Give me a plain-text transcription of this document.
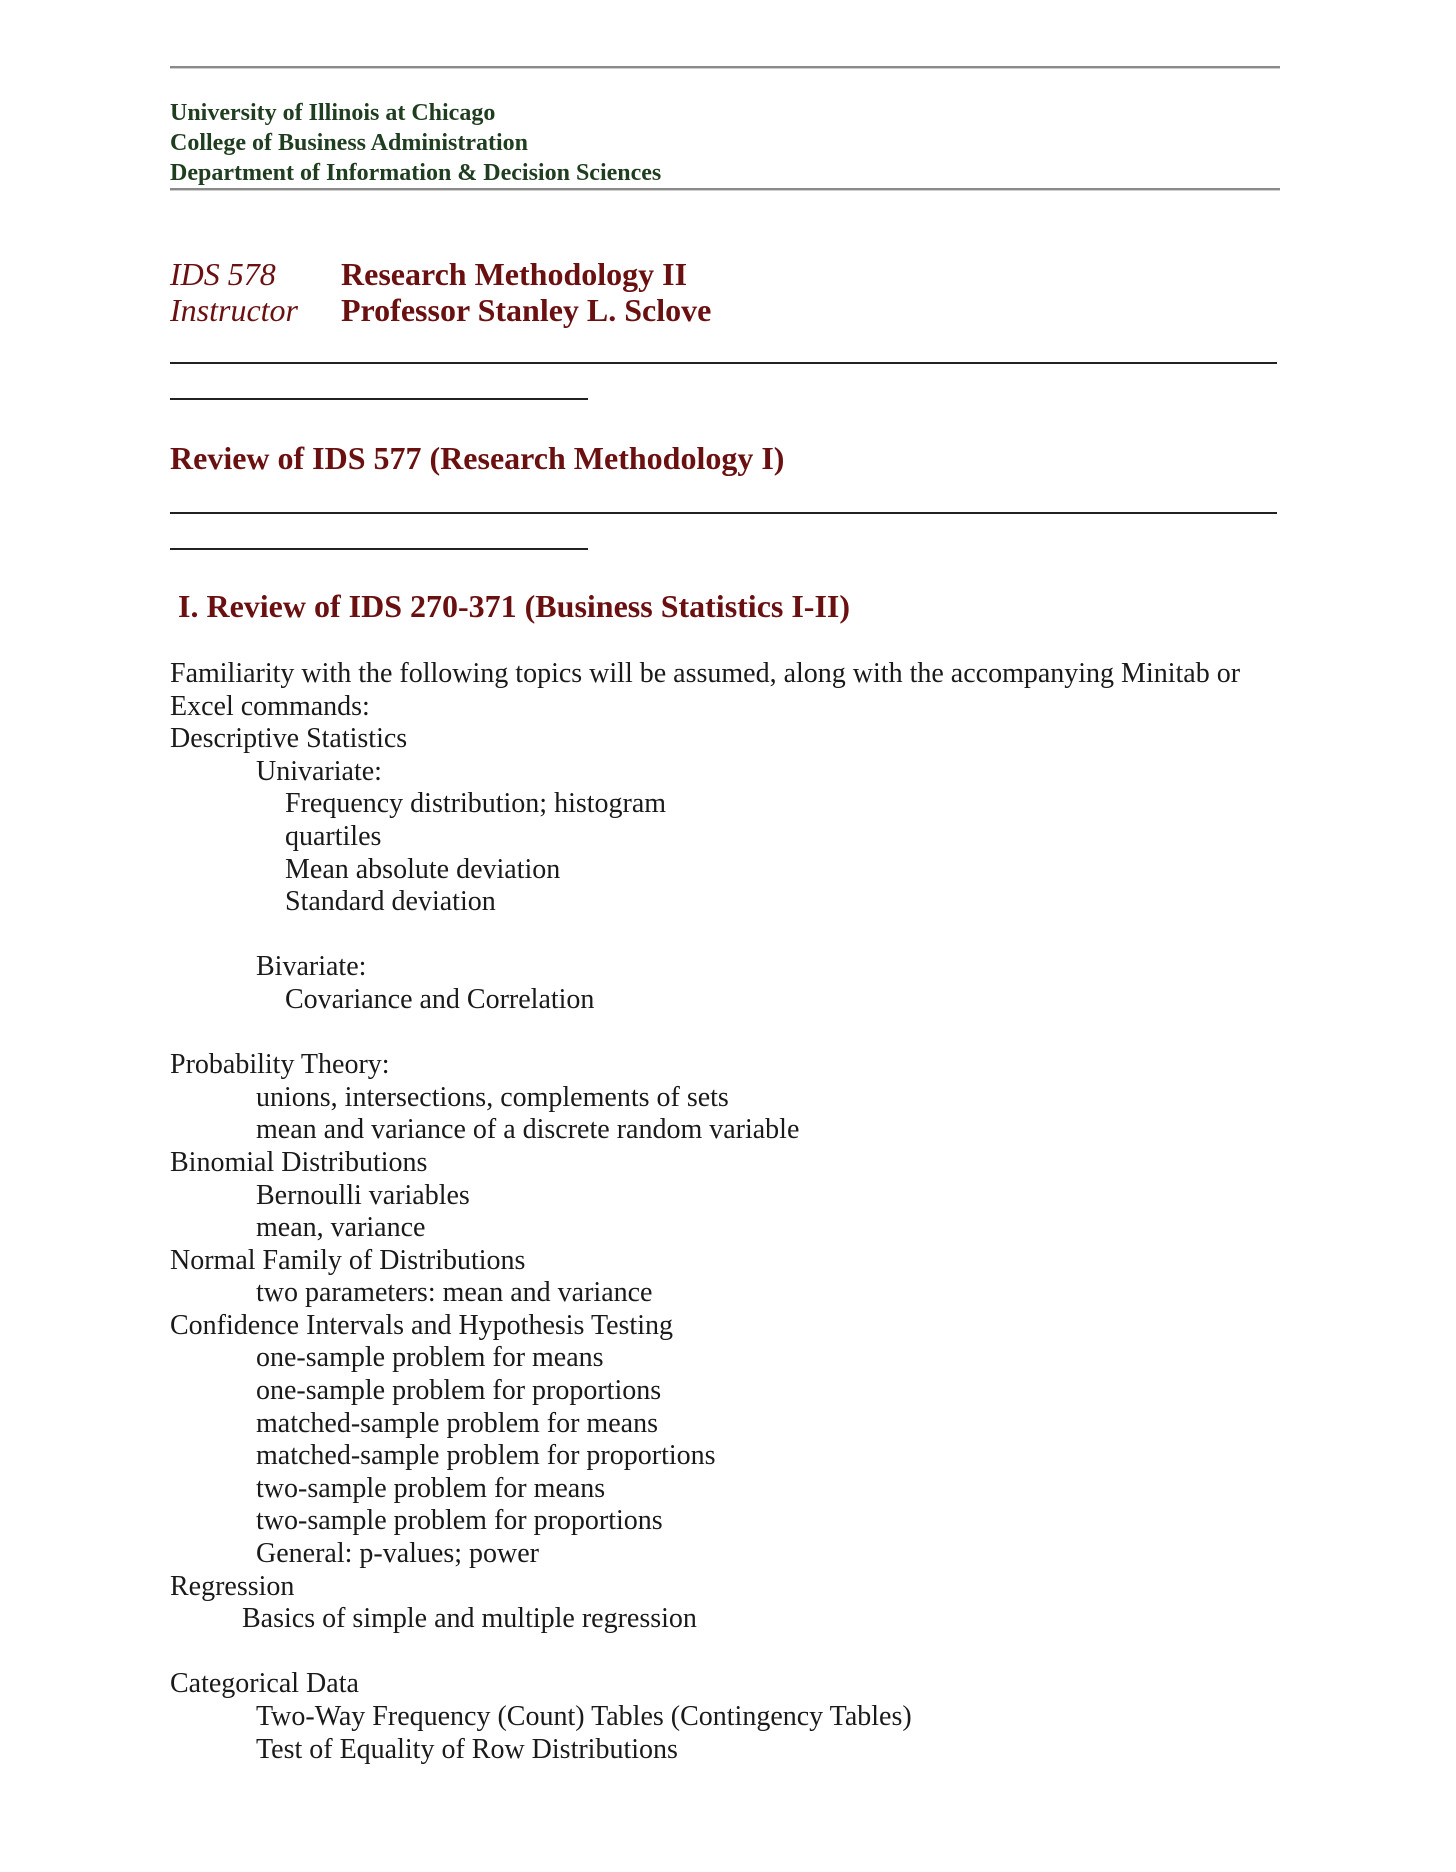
University of Illinois at Chicago
College of Business Administration
Department of Information & Decision Sciences
IDS 578	Research Methodology II
Instructor	Professor Stanley L. Sclove
Review of IDS 577 (Research Methodology I)
I. Review of IDS 270-371 (Business Statistics I-II)
Familiarity with the following topics will be assumed, along with the accompanying Minitab or
Excel commands:
Descriptive Statistics
Univariate:
Frequency distribution; histogram
quartiles
Mean absolute deviation
Standard deviation
Bivariate:
Covariance and Correlation
Probability Theory:
unions, intersections, complements of sets
mean and variance of a discrete random variable
Binomial Distributions
Bernoulli variables
mean, variance
Normal Family of Distributions
two parameters: mean and variance
Confidence Intervals and Hypothesis Testing
one-sample problem for means
one-sample problem for proportions
matched-sample problem for means
matched-sample problem for proportions
two-sample problem for means
two-sample problem for proportions
General: p-values; power
Regression
Basics of simple and multiple regression
Categorical Data
Two-Way Frequency (Count) Tables (Contingency Tables)
Test of Equality of Row Distributions
